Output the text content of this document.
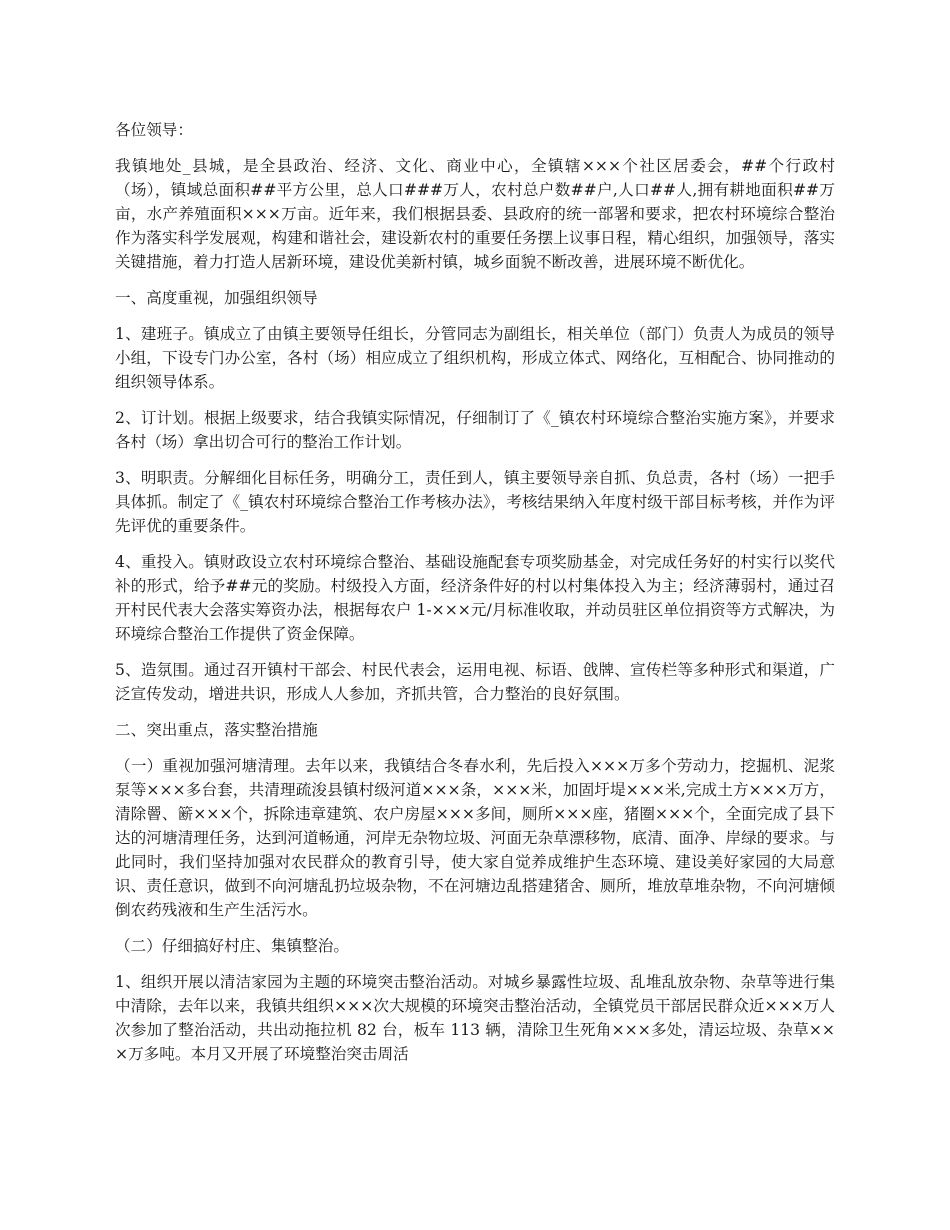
各位领导：

我镇地处_县城，是全县政治、经济、文化、商业中心，全镇辖×××个社区居委会，##个行政村（场），镇域总面积##平方公里，总人口###万人，农村总户数##户,人口##人,拥有耕地面积##万亩，水产养殖面积×××万亩。近年来，我们根据县委、县政府的统一部署和要求，把农村环境综合整治作为落实科学发展观，构建和谐社会，建设新农村的重要任务摆上议事日程，精心组织，加强领导，落实关键措施，着力打造人居新环境，建设优美新村镇，城乡面貌不断改善，进展环境不断优化。

一、高度重视，加强组织领导

1、建班子。镇成立了由镇主要领导任组长，分管同志为副组长，相关单位（部门）负责人为成员的领导小组，下设专门办公室，各村（场）相应成立了组织机构，形成立体式、网络化，互相配合、协同推动的组织领导体系。

2、订计划。根据上级要求，结合我镇实际情况，仔细制订了《_镇农村环境综合整治实施方案》，并要求各村（场）拿出切合可行的整治工作计划。

3、明职责。分解细化目标任务，明确分工，责任到人，镇主要领导亲自抓、负总责，各村（场）一把手具体抓。制定了《_镇农村环境综合整治工作考核办法》，考核结果纳入年度村级干部目标考核，并作为评先评优的重要条件。

4、重投入。镇财政设立农村环境综合整治、基础设施配套专项奖励基金，对完成任务好的村实行以奖代补的形式，给予##元的奖励。村级投入方面，经济条件好的村以村集体投入为主；经济薄弱村，通过召开村民代表大会落实筹资办法，根据每农户 1-×××元/月标准收取，并动员驻区单位捐资等方式解决，为环境综合整治工作提供了资金保障。

5、造氛围。通过召开镇村干部会、村民代表会，运用电视、标语、戗牌、宣传栏等多种形式和渠道，广泛宣传发动，增进共识，形成人人参加，齐抓共管，合力整治的良好氛围。

二、突出重点，落实整治措施

（一）重视加强河塘清理。去年以来，我镇结合冬春水利，先后投入×××万多个劳动力，挖掘机、泥浆泵等×××多台套，共清理疏浚县镇村级河道×××条，×××米，加固圩堤×××米,完成土方×××万方，清除罾、簖×××个，拆除违章建筑、农户房屋×××多间，厕所×××座，猪圈×××个，全面完成了县下达的河塘清理任务，达到河道畅通，河岸无杂物垃圾、河面无杂草漂移物，底清、面净、岸绿的要求。与此同时，我们坚持加强对农民群众的教育引导，使大家自觉养成维护生态环境、建设美好家园的大局意识、责任意识，做到不向河塘乱扔垃圾杂物，不在河塘边乱搭建猪舍、厕所，堆放草堆杂物，不向河塘倾倒农药残液和生产生活污水。

（二）仔细搞好村庄、集镇整治。

1、组织开展以清洁家园为主题的环境突击整治活动。对城乡暴露性垃圾、乱堆乱放杂物、杂草等进行集中清除，去年以来，我镇共组织×××次大规模的环境突击整治活动，全镇党员干部居民群众近×××万人次参加了整治活动，共出动拖拉机 82 台，板车 113 辆，清除卫生死角×××多处，清运垃圾、杂草×××万多吨。本月又开展了环境整治突击周活
